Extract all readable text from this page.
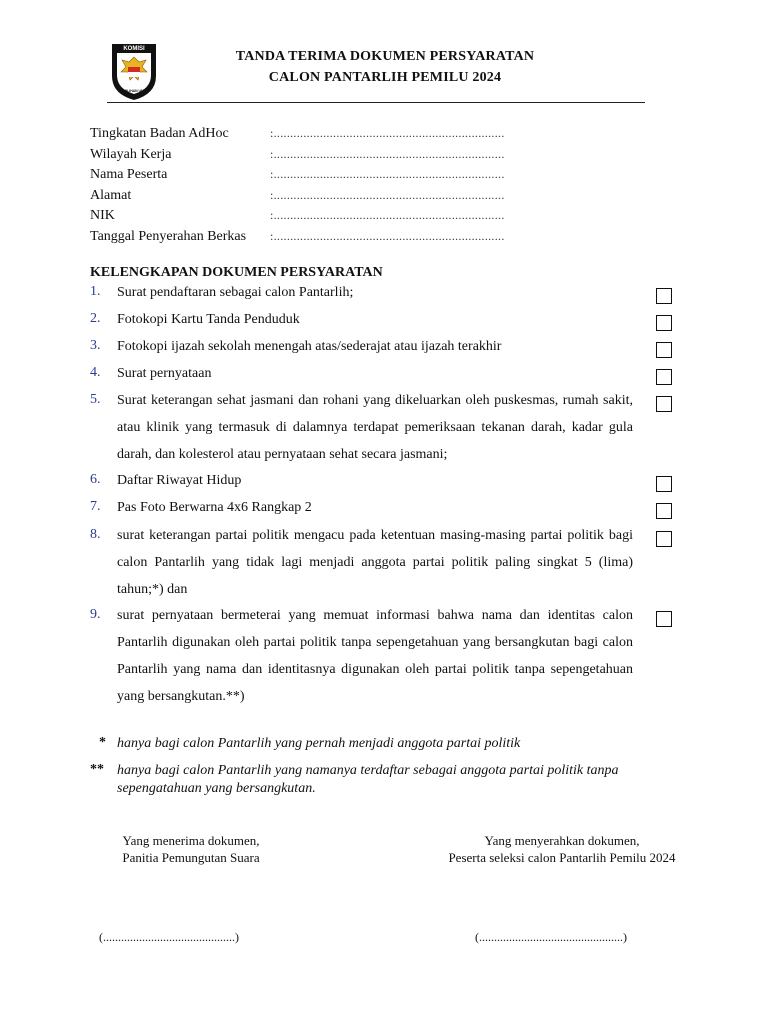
KOMISI
PEMILIHAN UMUM
TANDA TERIMA DOKUMEN PERSYARATAN
CALON PANTARLIH PEMILU 2024
Tingkatan Badan AdHoc	:......................................................................
Wilayah Kerja	:......................................................................
Nama Peserta	:......................................................................
Alamat	:......................................................................
NIK	:......................................................................
Tanggal Penyerahan Berkas :......................................................................
KELENGKAPAN DOKUMEN PERSYARATAN
1. Surat pendaftaran sebagai calon Pantarlih;
2. Fotokopi Kartu Tanda Penduduk
3. Fotokopi ijazah sekolah menengah atas/sederajat atau ijazah terakhir
4. Surat pernyataan
5. Surat keterangan sehat jasmani dan rohani yang dikeluarkan oleh puskesmas, rumah sakit, atau klinik yang termasuk di dalamnya terdapat pemeriksaan tekanan darah, kadar gula darah, dan kolesterol atau pernyataan sehat secara jasmani;
6. Daftar Riwayat Hidup
7. Pas Foto Berwarna 4x6 Rangkap 2
8. surat keterangan partai politik mengacu pada ketentuan masing-masing partai politik bagi calon Pantarlih yang tidak lagi menjadi anggota partai politik paling singkat 5 (lima) tahun;*) dan
9. surat pernyataan bermeterai yang memuat informasi bahwa nama dan identitas calon Pantarlih digunakan oleh partai politik tanpa sepengetahuan yang bersangkutan bagi calon Pantarlih yang nama dan identitasnya digunakan oleh partai politik tanpa sepengetahuan yang bersangkutan.**)
* hanya bagi calon Pantarlih yang pernah menjadi anggota partai politik
** hanya bagi calon Pantarlih yang namanya terdaftar sebagai anggota partai politik tanpa sepengatahuan yang bersangkutan.
Yang menerima dokumen,
Panitia Pemungutan Suara
Yang menyerahkan dokumen,
Peserta seleksi calon Pantarlih Pemilu 2024
(............................................)	(................................................)
